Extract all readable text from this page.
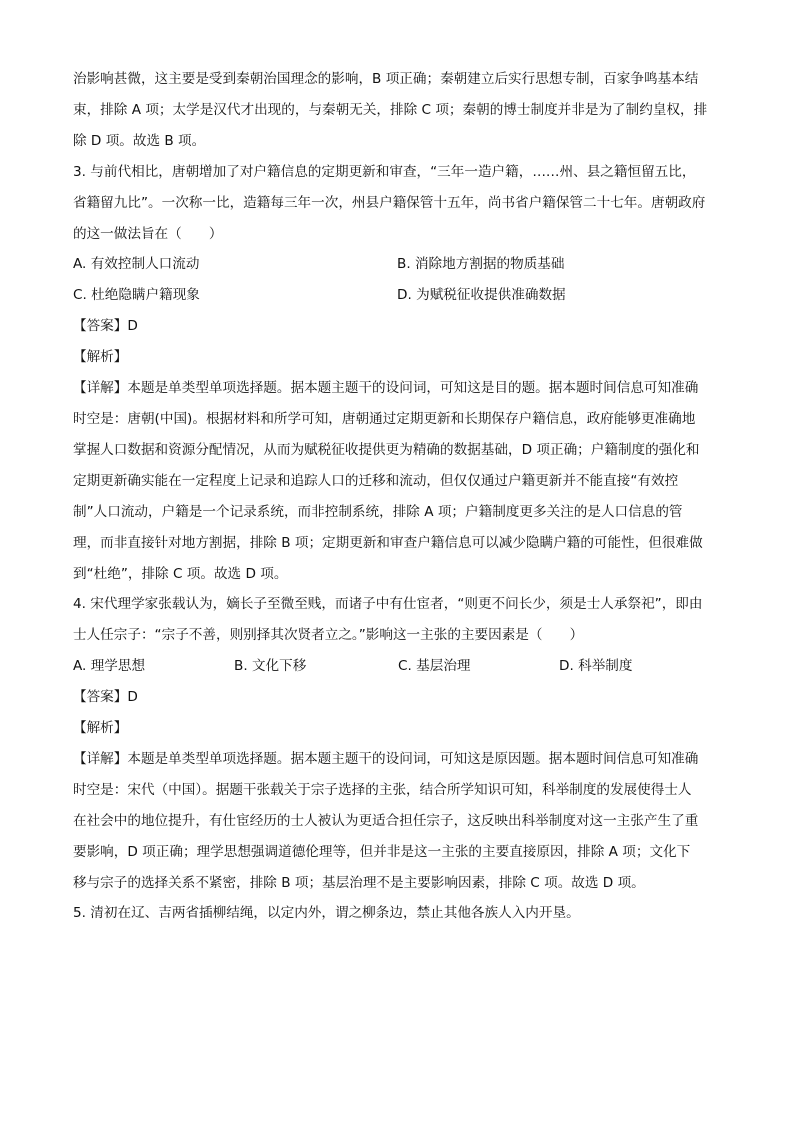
治影响甚微，这主要是受到秦朝治国理念的影响，B 项正确；秦朝建立后实行思想专制，百家争鸣基本结
束，排除 A 项；太学是汉代才出现的，与秦朝无关，排除 C 项；秦朝的博士制度并非是为了制约皇权，排
除 D 项。故选 B 项。
3. 与前代相比，唐朝增加了对户籍信息的定期更新和审查，“三年一造户籍，……州、县之籍恒留五比，
省籍留九比”。一次称一比，造籍每三年一次，州县户籍保管十五年，尚书省户籍保管二十七年。唐朝政府
的这一做法旨在（　　）
A. 有效控制人口流动	B. 消除地方割据的物质基础
C. 杜绝隐瞒户籍现象	D. 为赋税征收提供准确数据
【答案】D
【解析】
【详解】本题是单类型单项选择题。据本题主题干的设问词，可知这是目的题。据本题时间信息可知准确
时空是：唐朝(中国)。根据材料和所学可知，唐朝通过定期更新和长期保存户籍信息，政府能够更准确地
掌握人口数据和资源分配情况，从而为赋税征收提供更为精确的数据基础，D 项正确；户籍制度的强化和
定期更新确实能在一定程度上记录和追踪人口的迁移和流动，但仅仅通过户籍更新并不能直接“有效控
制”人口流动，户籍是一个记录系统，而非控制系统，排除 A 项；户籍制度更多关注的是人口信息的管
理，而非直接针对地方割据，排除 B 项；定期更新和审查户籍信息可以减少隐瞒户籍的可能性，但很难做
到“杜绝”，排除 C 项。故选 D 项。
4. 宋代理学家张载认为，嫡长子至微至贱，而诸子中有仕宦者，“则更不问长少，须是士人承祭祀”，即由
士人任宗子：“宗子不善，则别择其次贤者立之。”影响这一主张的主要因素是（　　）
A. 理学思想	B. 文化下移	C. 基层治理	D. 科举制度
【答案】D
【解析】
【详解】本题是单类型单项选择题。据本题主题干的设问词，可知这是原因题。据本题时间信息可知准确
时空是：宋代（中国）。据题干张载关于宗子选择的主张，结合所学知识可知，科举制度的发展使得士人
在社会中的地位提升，有仕宦经历的士人被认为更适合担任宗子，这反映出科举制度对这一主张产生了重
要影响，D 项正确；理学思想强调道德伦理等，但并非是这一主张的主要直接原因，排除 A 项；文化下
移与宗子的选择关系不紧密，排除 B 项；基层治理不是主要影响因素，排除 C 项。故选 D 项。
5. 清初在辽、吉两省插柳结绳，以定内外，谓之柳条边，禁止其他各族人入内开垦。
